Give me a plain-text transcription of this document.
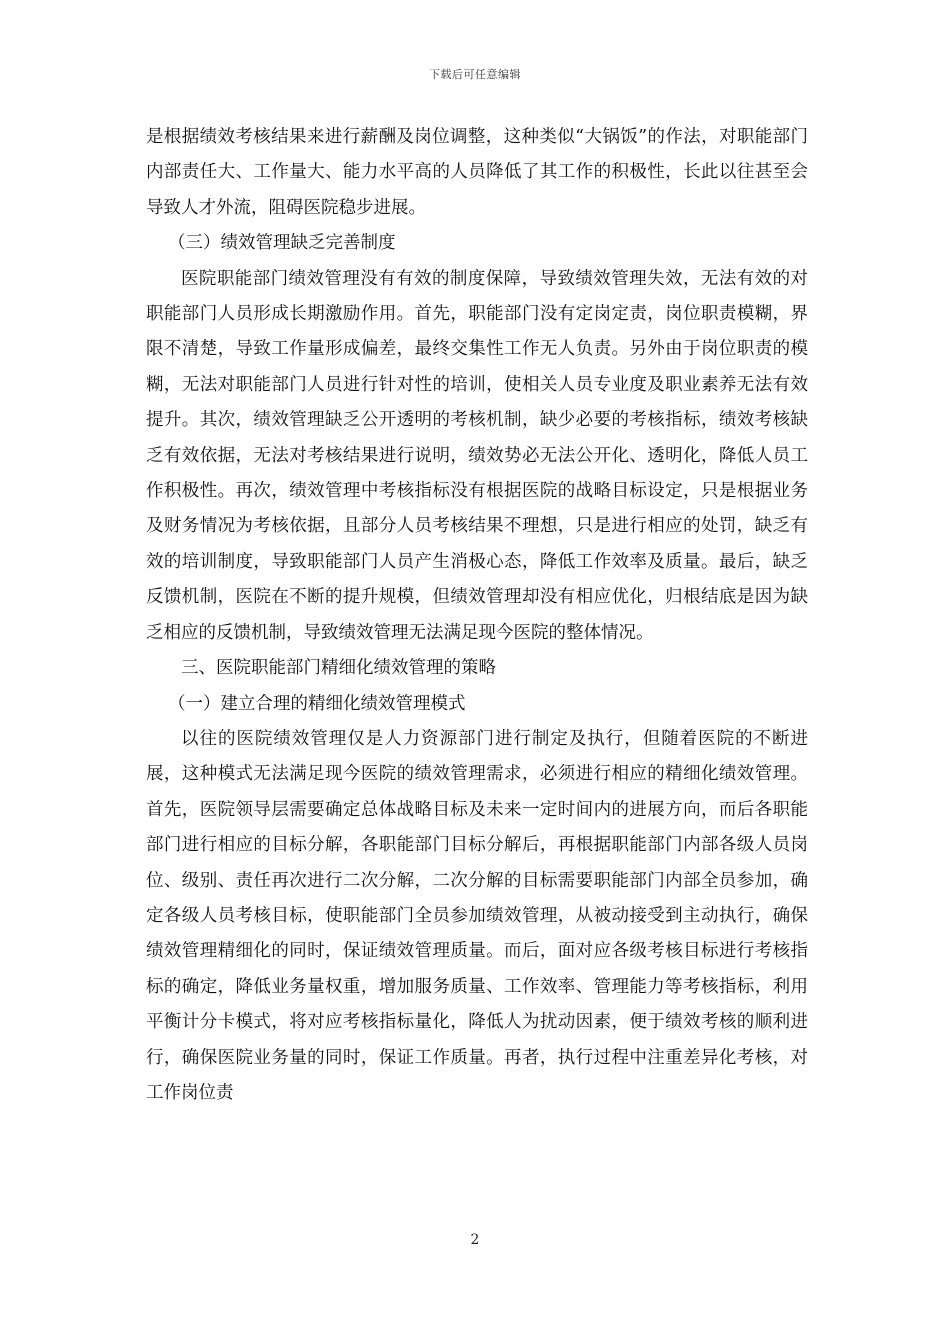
下载后可任意编辑

是根据绩效考核结果来进行薪酬及岗位调整，这种类似“大锅饭”的作法，对职能部门内部责任大、工作量大、能力水平高的人员降低了其工作的积极性，长此以往甚至会导致人才外流，阻碍医院稳步进展。

（三）绩效管理缺乏完善制度

医院职能部门绩效管理没有有效的制度保障，导致绩效管理失效，无法有效的对职能部门人员形成长期激励作用。首先，职能部门没有定岗定责，岗位职责模糊，界限不清楚，导致工作量形成偏差，最终交集性工作无人负责。另外由于岗位职责的模糊，无法对职能部门人员进行针对性的培训，使相关人员专业度及职业素养无法有效提升。其次，绩效管理缺乏公开透明的考核机制，缺少必要的考核指标，绩效考核缺乏有效依据，无法对考核结果进行说明，绩效势必无法公开化、透明化，降低人员工作积极性。再次，绩效管理中考核指标没有根据医院的战略目标设定，只是根据业务及财务情况为考核依据，且部分人员考核结果不理想，只是进行相应的处罚，缺乏有效的培训制度，导致职能部门人员产生消极心态，降低工作效率及质量。最后，缺乏反馈机制，医院在不断的提升规模，但绩效管理却没有相应优化，归根结底是因为缺乏相应的反馈机制，导致绩效管理无法满足现今医院的整体情况。

三、医院职能部门精细化绩效管理的策略

（一）建立合理的精细化绩效管理模式

以往的医院绩效管理仅是人力资源部门进行制定及执行，但随着医院的不断进展，这种模式无法满足现今医院的绩效管理需求，必须进行相应的精细化绩效管理。首先，医院领导层需要确定总体战略目标及未来一定时间内的进展方向，而后各职能部门进行相应的目标分解，各职能部门目标分解后，再根据职能部门内部各级人员岗位、级别、责任再次进行二次分解，二次分解的目标需要职能部门内部全员参加，确定各级人员考核目标，使职能部门全员参加绩效管理，从被动接受到主动执行，确保绩效管理精细化的同时，保证绩效管理质量。而后，面对应各级考核目标进行考核指标的确定，降低业务量权重，增加服务质量、工作效率、管理能力等考核指标，利用平衡计分卡模式，将对应考核指标量化，降低人为扰动因素，便于绩效考核的顺利进行，确保医院业务量的同时，保证工作质量。再者，执行过程中注重差异化考核，对工作岗位责

2
